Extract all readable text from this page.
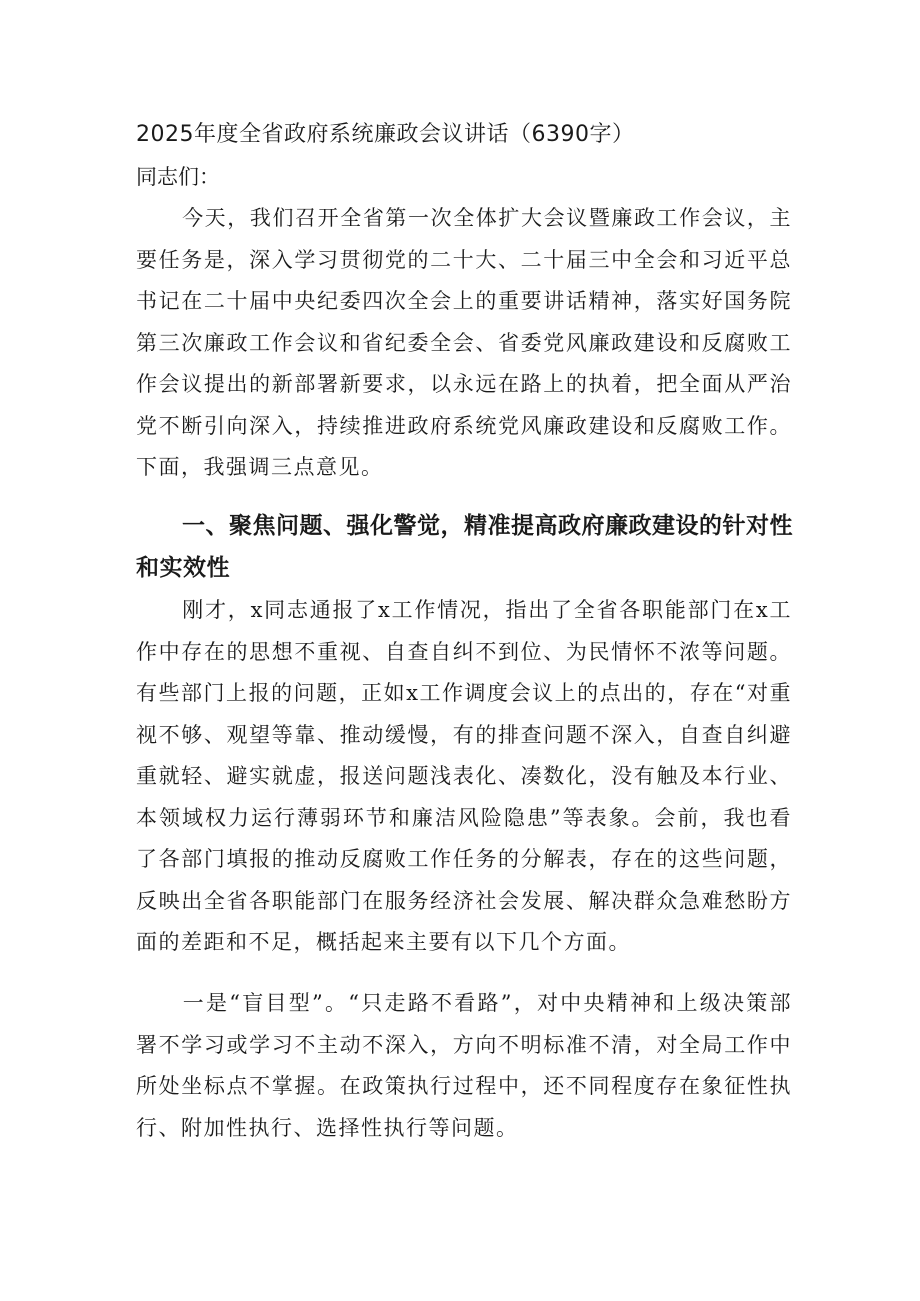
2025年度全省政府系统廉政会议讲话（6390字）
同志们：

今天，我们召开全省第一次全体扩大会议暨廉政工作会议，主要任务是，深入学习贯彻党的二十大、二十届三中全会和习近平总书记在二十届中央纪委四次全会上的重要讲话精神，落实好国务院第三次廉政工作会议和省纪委全会、省委党风廉政建设和反腐败工作会议提出的新部署新要求，以永远在路上的执着，把全面从严治党不断引向深入，持续推进政府系统党风廉政建设和反腐败工作。下面，我强调三点意见。

一、聚焦问题、强化警觉，精准提高政府廉政建设的针对性和实效性

刚才，x同志通报了x工作情况，指出了全省各职能部门在x工作中存在的思想不重视、自查自纠不到位、为民情怀不浓等问题。有些部门上报的问题，正如x工作调度会议上的点出的，存在“对重视不够、观望等靠、推动缓慢，有的排查问题不深入，自查自纠避重就轻、避实就虚，报送问题浅表化、凑数化，没有触及本行业、本领域权力运行薄弱环节和廉洁风险隐患”等表象。会前，我也看了各部门填报的推动反腐败工作任务的分解表，存在的这些问题，反映出全省各职能部门在服务经济社会发展、解决群众急难愁盼方面的差距和不足，概括起来主要有以下几个方面。

一是“盲目型”。“只走路不看路”，对中央精神和上级决策部署不学习或学习不主动不深入，方向不明标准不清，对全局工作中所处坐标点不掌握。在政策执行过程中，还不同程度存在象征性执行、附加性执行、选择性执行等问题。
